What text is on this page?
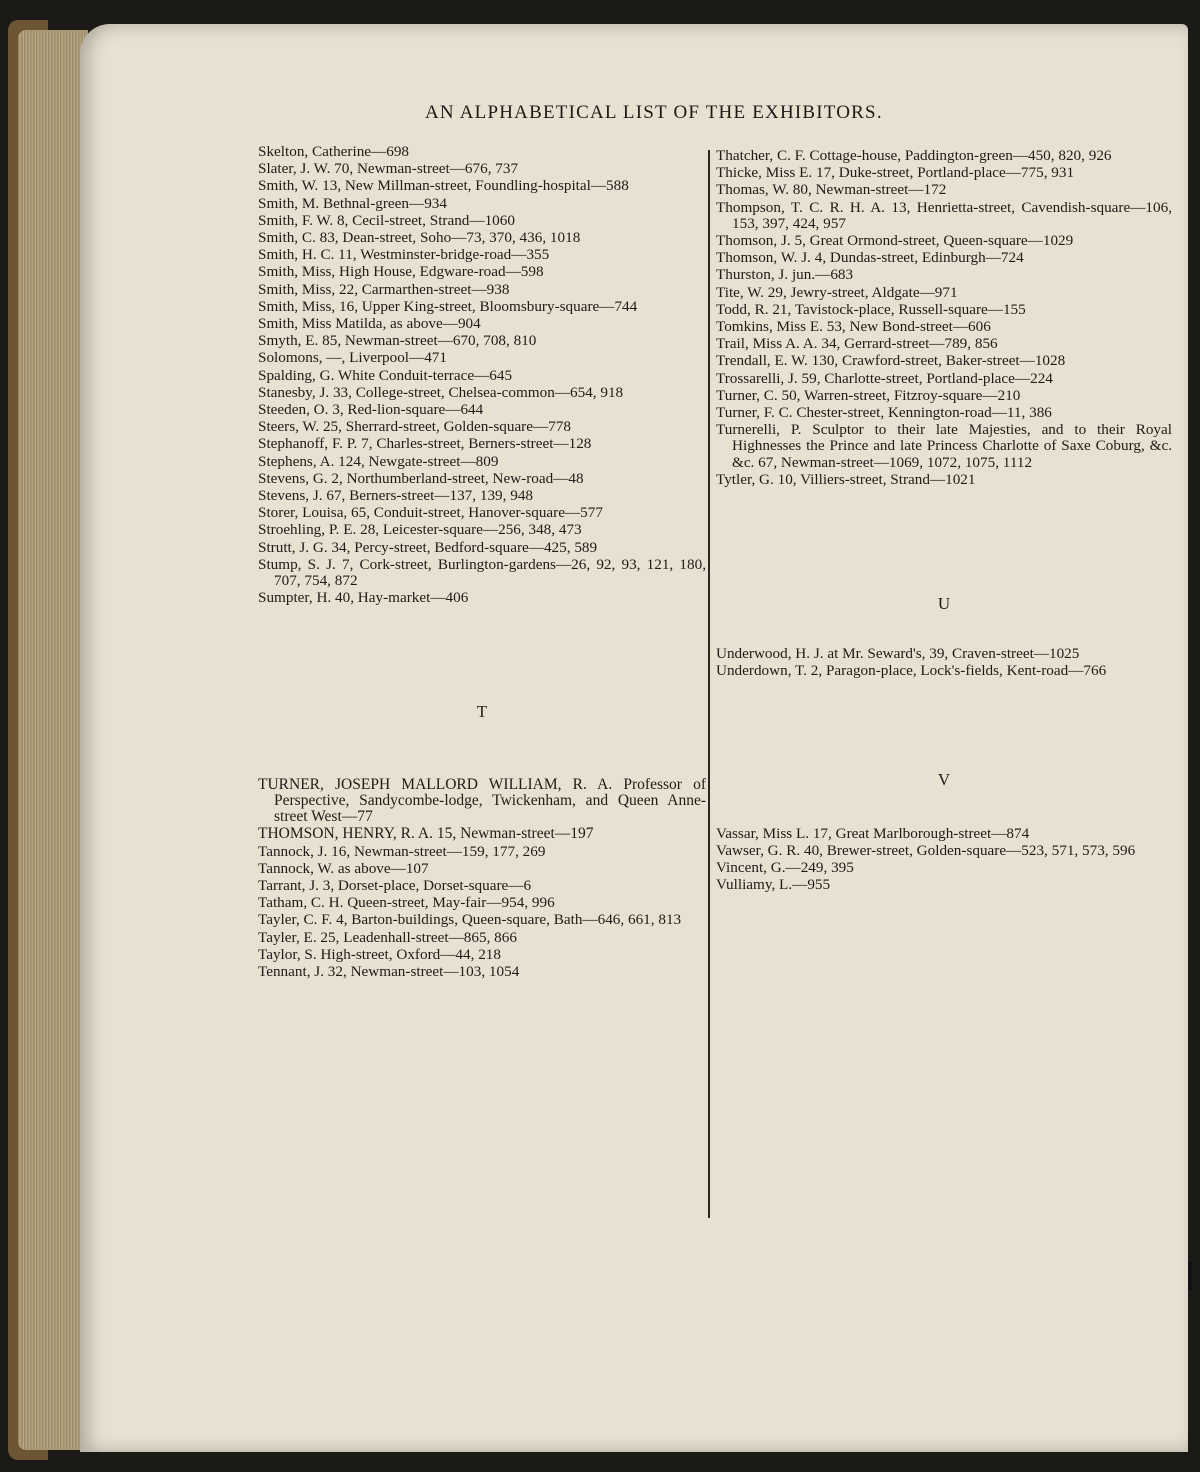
AN ALPHABETICAL LIST OF THE EXHIBITORS.

Skelton, Catherine—698

Slater, J. W. 70, Newman-street—676, 737

Smith, W. 13, New Millman-street, Foundling-hospital—588

Smith, M. Bethnal-green—934

Smith, F. W. 8, Cecil-street, Strand—1060

Smith, C. 83, Dean-street, Soho—73, 370, 436, 1018

Smith, H. C. 11, Westminster-bridge-road—355

Smith, Miss, High House, Edgware-road—598

Smith, Miss, 22, Carmarthen-street—938

Smith, Miss, 16, Upper King-street, Bloomsbury-square—744

Smith, Miss Matilda, as above—904

Smyth, E. 85, Newman-street—670, 708, 810

Solomons, —, Liverpool—471

Spalding, G. White Conduit-terrace—645

Stanesby, J. 33, College-street, Chelsea-common—654, 918

Steeden, O. 3, Red-lion-square—644

Steers, W. 25, Sherrard-street, Golden-square—778

Stephanoff, F. P. 7, Charles-street, Berners-street—128

Stephens, A. 124, Newgate-street—809

Stevens, G. 2, Northumberland-street, New-road—48

Stevens, J. 67, Berners-street—137, 139, 948

Storer, Louisa, 65, Conduit-street, Hanover-square—577

Stroehling, P. E. 28, Leicester-square—256, 348, 473

Strutt, J. G. 34, Percy-street, Bedford-square—425, 589

Stump, S. J. 7, Cork-street, Burlington-gardens—26, 92, 93, 121, 180, 707, 754, 872

Sumpter, H. 40, Hay-market—406

T

TURNER, JOSEPH MALLORD WILLIAM, R. A. Professor of Perspective, Sandycombe-lodge, Twickenham, and Queen Anne-street West—77

THOMSON, HENRY, R. A. 15, Newman-street—197

Tannock, J. 16, Newman-street—159, 177, 269

Tannock, W. as above—107

Tarrant, J. 3, Dorset-place, Dorset-square—6

Tatham, C. H. Queen-street, May-fair—954, 996

Tayler, C. F. 4, Barton-buildings, Queen-square, Bath—646, 661, 813

Tayler, E. 25, Leadenhall-street—865, 866

Taylor, S. High-street, Oxford—44, 218

Tennant, J. 32, Newman-street—103, 1054

Thatcher, C. F. Cottage-house, Paddington-green—450, 820, 926

Thicke, Miss E. 17, Duke-street, Portland-place—775, 931

Thomas, W. 80, Newman-street—172

Thompson, T. C. R. H. A. 13, Henrietta-street, Cavendish-square—106, 153, 397, 424, 957

Thomson, J. 5, Great Ormond-street, Queen-square—1029

Thomson, W. J. 4, Dundas-street, Edinburgh—724

Thurston, J. jun.—683

Tite, W. 29, Jewry-street, Aldgate—971

Todd, R. 21, Tavistock-place, Russell-square—155

Tomkins, Miss E. 53, New Bond-street—606

Trail, Miss A. A. 34, Gerrard-street—789, 856

Trendall, E. W. 130, Crawford-street, Baker-street—1028

Trossarelli, J. 59, Charlotte-street, Portland-place—224

Turner, C. 50, Warren-street, Fitzroy-square—210

Turner, F. C. Chester-street, Kennington-road—11, 386

Turnerelli, P. Sculptor to their late Majesties, and to their Royal Highnesses the Prince and late Princess Charlotte of Saxe Coburg, &c. &c. 67, Newman-street—1069, 1072, 1075, 1112

Tytler, G. 10, Villiers-street, Strand—1021

U

Underwood, H. J. at Mr. Seward's, 39, Craven-street—1025

Underdown, T. 2, Paragon-place, Lock's-fields, Kent-road—766

V

Vassar, Miss L. 17, Great Marlborough-street—874

Vawser, G. R. 40, Brewer-street, Golden-square—523, 571, 573, 596

Vincent, G.—249, 395

Vulliamy, L.—955
